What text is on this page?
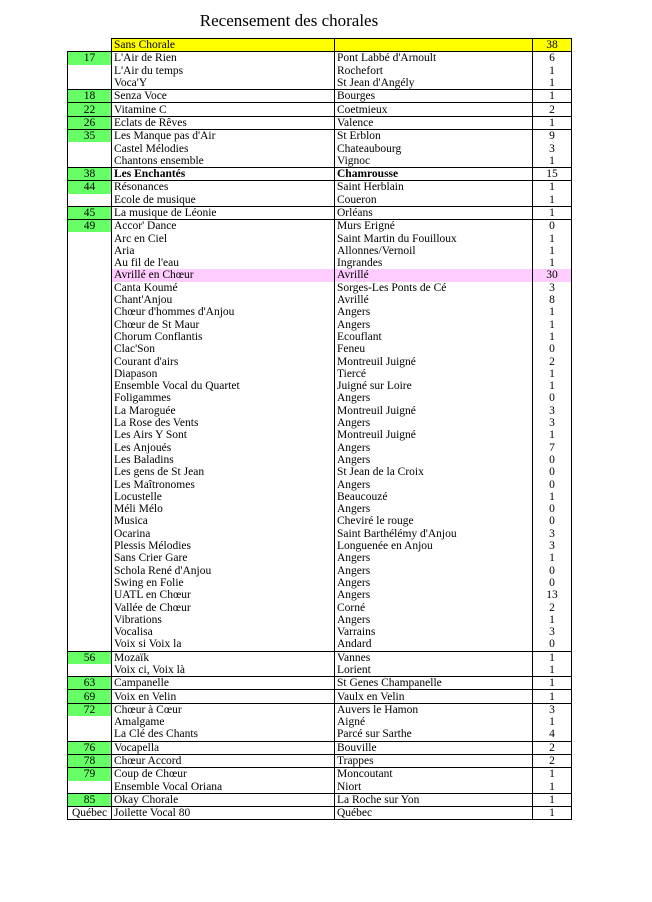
Recensement des chorales
	Sans Chorale		38
17	L'Air de Rien	Pont Labbé d'Arnoult	6
	L'Air du temps	Rochefort	1
	Voca'Y	St Jean d'Angély	1
18	Senza Voce	Bourges	1
22	Vitamine C	Coetmieux	2
26	Eclats de Rêves	Valence	1
35	Les Manque pas d'Air	St Erblon	9
	Castel Mélodies	Chateaubourg	3
	Chantons ensemble	Vignoc	1
38	Les Enchantés	Chamrousse	15
44	Résonances	Saint Herblain	1
	Ecole de musique	Coueron	1
45	La musique de Léonie	Orléans	1
49	Accor' Dance	Murs Erigné	0
	Arc en Ciel	Saint Martin du Fouilloux	1
	Aria	Allonnes/Vernoil	1
	Au fil de l'eau	Ingrandes	1
	Avrillé en Chœur	Avrillé	30
	Canta Koumé	Sorges-Les Ponts de Cé	3
	Chant'Anjou	Avrillé	8
	Chœur d'hommes d'Anjou	Angers	1
	Chœur de St Maur	Angers	1
	Chorum Conflantis	Ecouflant	1
	Clac'Son	Feneu	0
	Courant d'airs	Montreuil Juigné	2
	Diapason	Tiercé	1
	Ensemble Vocal du Quartet	Juigné sur Loire	1
	Foligammes	Angers	0
	La Maroguée	Montreuil Juigné	3
	La Rose des Vents	Angers	3
	Les Airs Y Sont	Montreuil Juigné	1
	Les Anjoués	Angers	7
	Les Baladins	Angers	0
	Les gens de St Jean	St Jean de la Croix	0
	Les Maîtronomes	Angers	0
	Locustelle	Beaucouzé	1
	Méli Mélo	Angers	0
	Musica	Cheviré le rouge	0
	Ocarina	Saint Barthélémy d'Anjou	3
	Plessis Mélodies	Longuenée en Anjou	3
	Sans Crier Gare	Angers	1
	Schola René d'Anjou	Angers	0
	Swing en Folie	Angers	0
	UATL en Chœur	Angers	13
	Vallée de Chœur	Corné	2
	Vibrations	Angers	1
	Vocalisa	Varrains	3
	Voix si Voix la	Andard	0
56	Mozaïk	Vannes	1
	Voix ci, Voix là	Lorient	1
63	Campanelle	St Genes Champanelle	1
69	Voix en Velin	Vaulx en Velin	1
72	Chœur à Cœur	Auvers le Hamon	3
	Amalgame	Aigné	1
	La Clé des Chants	Parcé sur Sarthe	4
76	Vocapella	Bouville	2
78	Chœur Accord	Trappes	2
79	Coup de Chœur	Moncoutant	1
	Ensemble Vocal Oriana	Niort	1
85	Okay Chorale	La Roche sur Yon	1
Québec	Joilette Vocal 80	Québec	1
